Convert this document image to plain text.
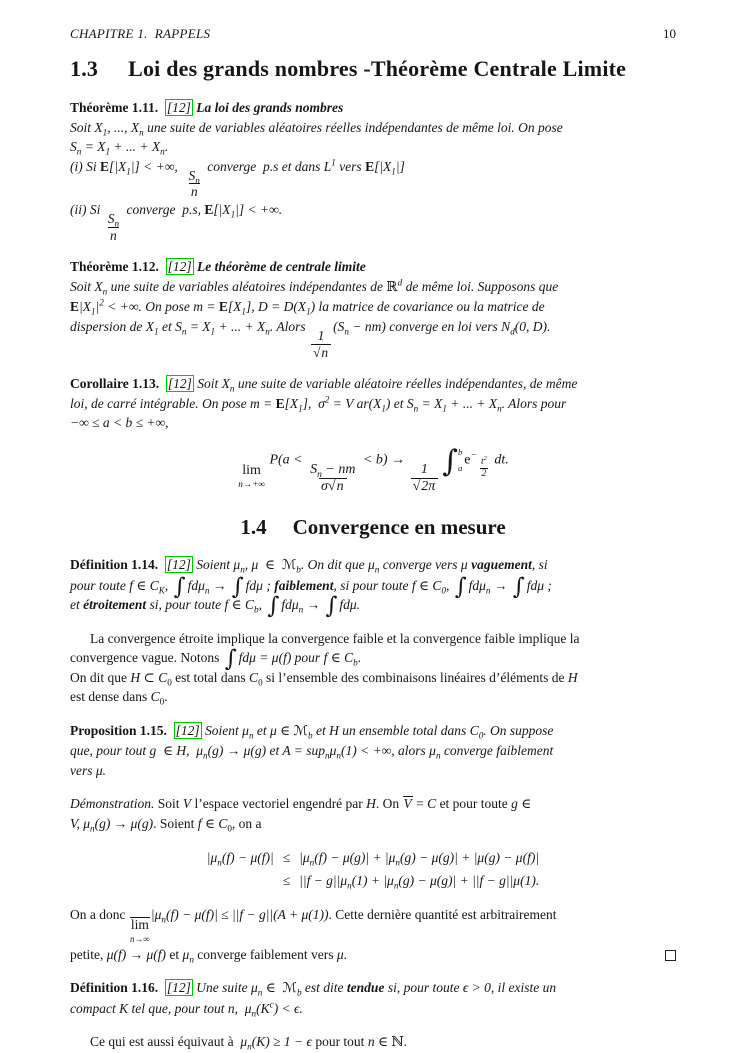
CHAPITRE 1.  RAPPELS	10
1.3 Loi des grands nombres -Théorème Centrale Limite
Théorème 1.11. [12] La loi des grands nombres
Soit $X_1$, ..., $X_n$ une suite de variables aléatoires réelles indépendantes de même loi. On pose
$S_n = X_1$ + ... + $X_n$.
(i) Si $E[|X_1|]$ < +∞,
$\frac{S_n}{n}$
converge  p.s et dans $L^1$ vers $E[|X_1|]$
(ii) Si
$\frac{S_n}{n}$
converge  p.s, $E[|X_1|]$ < +∞.
Théorème 1.12. [12] Le théorème de centrale limite
Soit $X_n$ une suite de variables aléatoires indépendantes de ℝ$^d$ de même loi. Supposons que
$E|X_1|^2$ < +∞. On pose $m = E[X_1]$, $D = D(X_1)$ la matrice de covariance ou la matrice de
dispersion de $X_1$ et $S_n = X_1$ + ... + $X_n$. Alors
$\frac{1}{√n}$
$(S_n - nm)$ converge en loi vers $N_d(0$, D).
Corollaire 1.13. [12] Soit $X_n$ une suite de variable aléatoire réelles indépendantes, de même
loi, de carré intégrable. On pose $m = E[X_1]$,  $\sigma^2 = V$ $ar(X_1)$ et $S_n = X_1$ + ... + $X_n$. Alors pour
−∞ ≤ a < b ≤ +∞,
lim
n→+∞
P(a <
$\frac{S_n - nm}{\sigma√n}$
< b) →
$\frac{1}{√2\pi}$ ∫ b
a
$e^{- \frac{t^2}{2}}$ dt.
1.4 Convergence en mesure
Définition 1.14. [12] Soient $\mu_n$, μ  ∈  ℳ$_b$. On dit que $\mu_n$ converge vers μ vaguement, si
pour toute f ∈ $C_K$, ∫ fdμ$_n$ → ∫ fdμ ; faiblement, si pour toute f ∈ $C_0$, ∫ fdμ$_n$ → ∫ fdμ ;
et étroitement si, pour toute f ∈ $C_b$, ∫ fdμ$_n$ → ∫ fdμ.
La convergence étroite implique la convergence faible et la convergence faible implique la
convergence vague. Notons ∫ fdμ = μ(f) pour f ∈ $C_b$.
On dit que H ⊂ $C_0$ est total dans $C_0$ si l’ensemble des combinaisons linéaires d’éléments de H
est dense dans $C_0$.
Proposition 1.15. [12] Soient $\mu_n$ et μ ∈ ℳ$_b$ et H un ensemble total dans $C_0$. On suppose
que, pour tout g  ∈ H,  $\mu_n(g) \to \mu(g)$ et $A = sup_n\mu_n(1)$ < +∞, alors $\mu_n$ converge faiblement
vers μ.
Démonstration. Soit V l’espace vectoriel engendré par H. On V = C et pour toute g ∈
V, $\mu_n(g) \to \mu(g)$. Soient f ∈ $C_0$, on a
$|\mu_n(f) - \mu(f)| \le |\mu_n(f) - \mu(g)| + |\mu_n(g) - \mu(g)| + |\mu(g) - \mu(f)|$
≤ $||f - g||\mu_n(1) + |\mu_n(g) - \mu(g)| + ||f - g||\mu(1)$.
On a donc
lim
n→∞
$|\mu_n(f) - \mu(f)| \le ||f - g||(A + \mu(1))$. Cette dernière quantité est arbitrairement
petite, μ(f) → μ(f) et $\mu_n$ converge faiblement vers μ.
Définition 1.16. [12] Une suite $\mu_n$ ∈  ℳ$_b$ est dite tendue si, pour toute ϵ > 0, il existe un
compact K tel que, pour tout n,  $\mu_n(K^c) < \epsilon$.
Ce qui est aussi équivaut à  $\mu_n(K) \ge 1 - \epsilon$ pour tout n ∈ ℕ.
